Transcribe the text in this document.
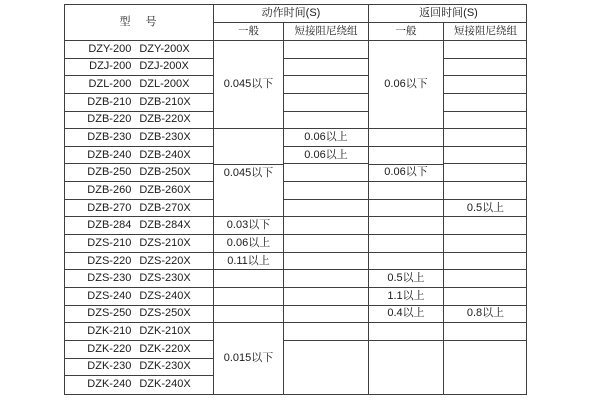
型　号
DZY-200 DZY-200X
DZJ-200 DZJ-200X
DZL-200 DZL-200X
DZB-210 DZB-210X
DZB-220 DZB-220X
DZB-230 DZB-230X
DZB-240 DZB-240X
DZB-250 DZB-250X
DZB-260 DZB-260X
DZB-270 DZB-270X
DZB-284 DZB-284X
DZS-210 DZS-210X
DZS-220 DZS-220X
DZS-230 DZS-230X
DZS-240 DZS-240X
DZS-250 DZS-250X
DZK-210 DZK-210X
DZK-220 DZK-220X
DZK-230 DZK-230X
DZK-240 DZK-240X
动作时间(S)
一般
0.045以下
0.045以下
0.03以下
0.06以上
0.11以上
0.015以下
短接阻尼绕组
0.06以上
0.06以上
返回时间(S)
一般
0.06以下
0.06以下
0.5以上
1.1以上
0.4以上
短接阻尼绕组
0.5以上
0.8以上
